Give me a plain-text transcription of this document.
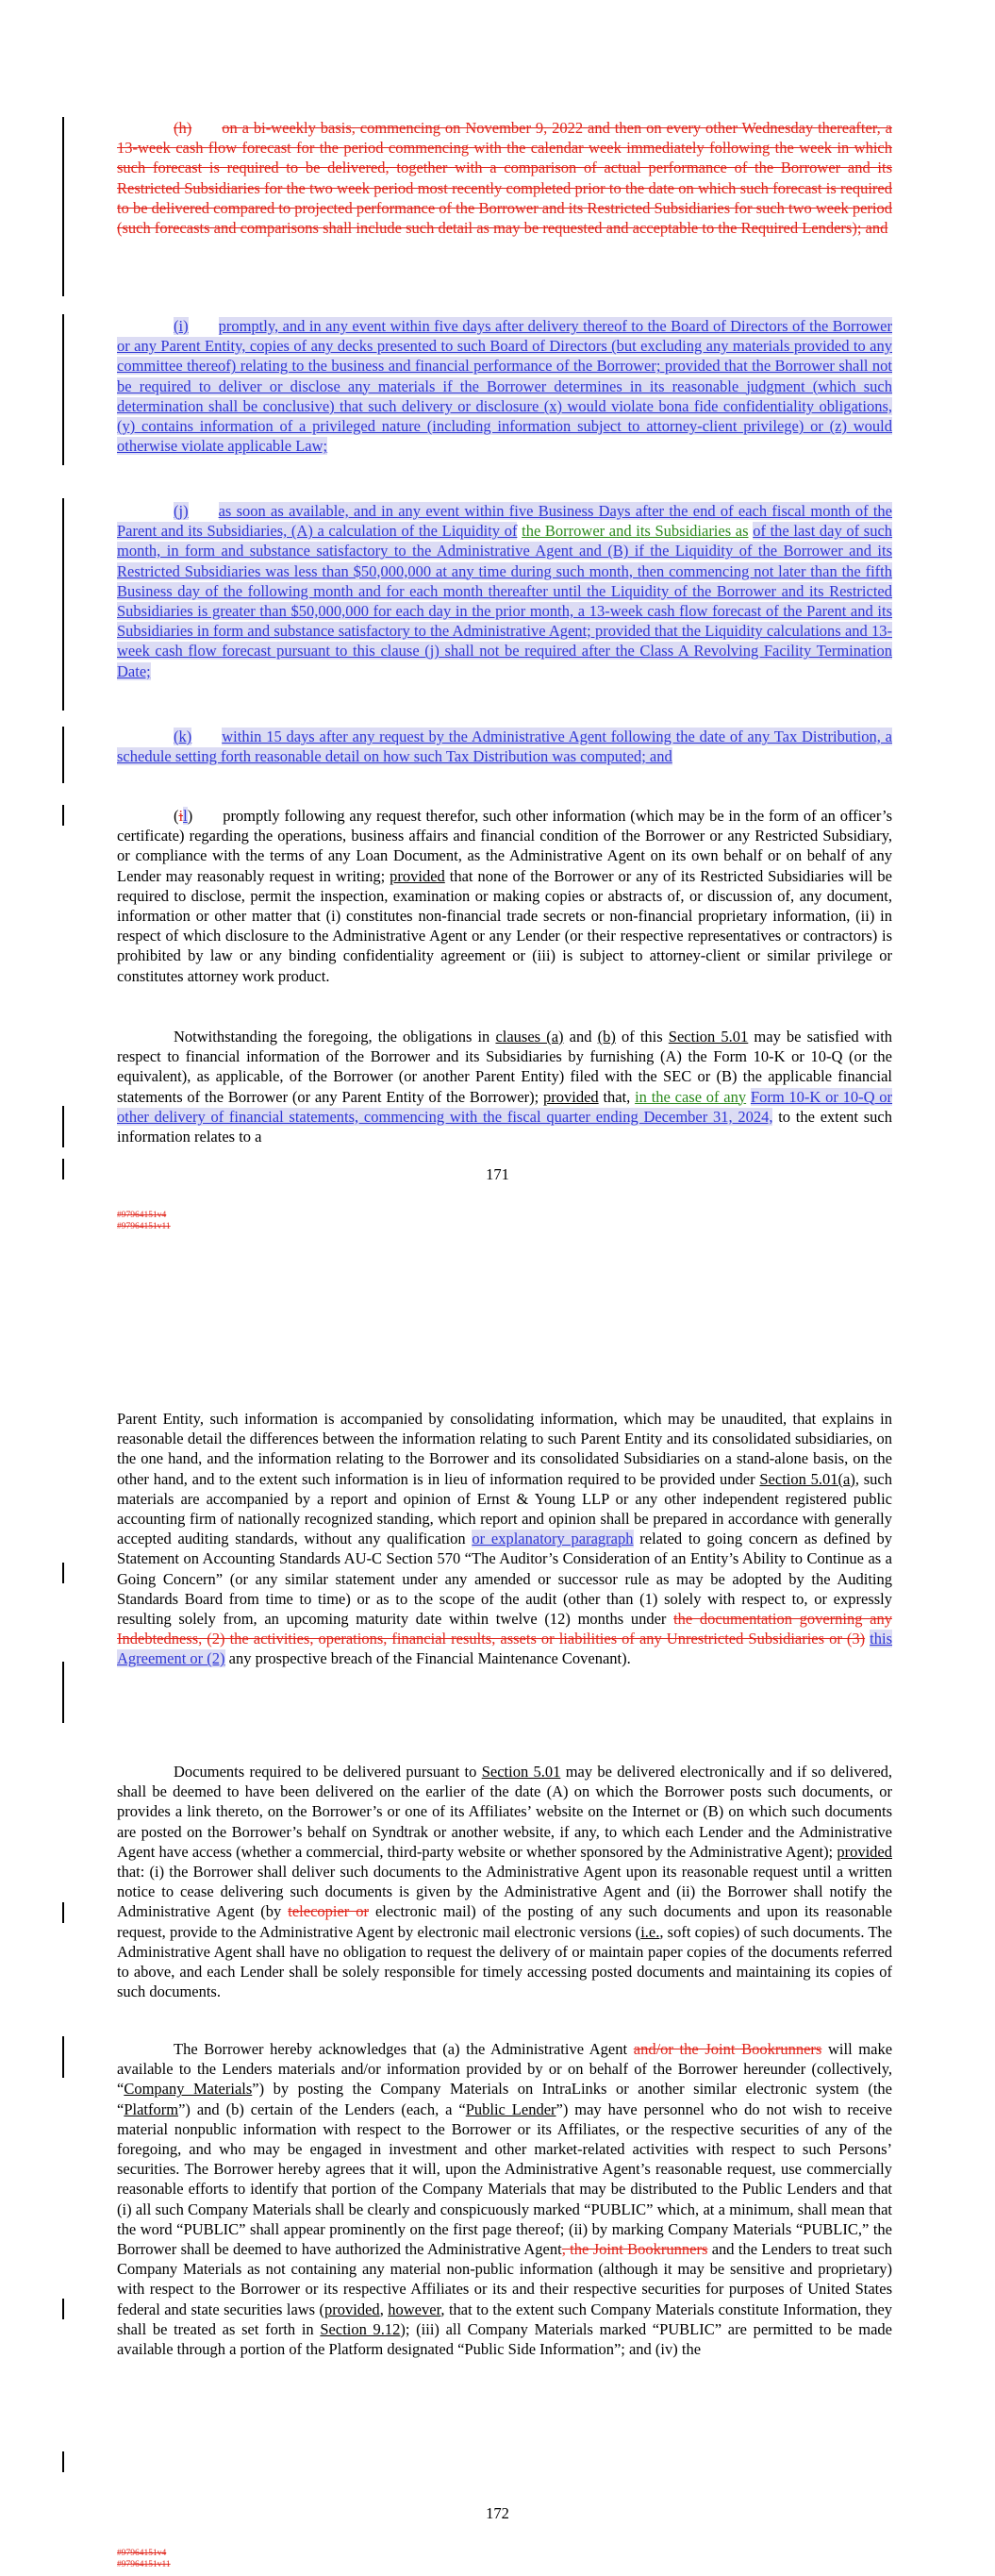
(h) on a bi-weekly basis, commencing on November 9, 2022 and then on every other Wednesday thereafter, a 13-week cash flow forecast for the period commencing with the calendar week immediately following the week in which such forecast is required to be delivered, together with a comparison of actual performance of the Borrower and its Restricted Subsidiaries for the two week period most recently completed prior to the date on which such forecast is required to be delivered compared to projected performance of the Borrower and its Restricted Subsidiaries for such two week period (such forecasts and comparisons shall include such detail as may be requested and acceptable to the Required Lenders); and

(i) promptly, and in any event within five days after delivery thereof to the Board of Directors of the Borrower or any Parent Entity, copies of any decks presented to such Board of Directors (but excluding any materials provided to any committee thereof) relating to the business and financial performance of the Borrower; provided that the Borrower shall not be required to deliver or disclose any materials if the Borrower determines in its reasonable judgment (which such determination shall be conclusive) that such delivery or disclosure (x) would violate bona fide confidentiality obligations, (y) contains information of a privileged nature (including information subject to attorney-client privilege) or (z) would otherwise violate applicable Law;

(j) as soon as available, and in any event within five Business Days after the end of each fiscal month of the Parent and its Subsidiaries, (A) a calculation of the Liquidity of the Borrower and its Subsidiaries as of the last day of such month, in form and substance satisfactory to the Administrative Agent and (B) if the Liquidity of the Borrower and its Restricted Subsidiaries was less than $50,000,000 at any time during such month, then commencing not later than the fifth Business day of the following month and for each month thereafter until the Liquidity of the Borrower and its Restricted Subsidiaries is greater than $50,000,000 for each day in the prior month, a 13-week cash flow forecast of the Parent and its Subsidiaries in form and substance satisfactory to the Administrative Agent; provided that the Liquidity calculations and 13-week cash flow forecast pursuant to this clause (j) shall not be required after the Class A Revolving Facility Termination Date;

(k) within 15 days after any request by the Administrative Agent following the date of any Tax Distribution, a schedule setting forth reasonable detail on how such Tax Distribution was computed; and

(il) promptly following any request therefor, such other information (which may be in the form of an officer’s certificate) regarding the operations, business affairs and financial condition of the Borrower or any Restricted Subsidiary, or compliance with the terms of any Loan Document, as the Administrative Agent on its own behalf or on behalf of any Lender may reasonably request in writing; provided that none of the Borrower or any of its Restricted Subsidiaries will be required to disclose, permit the inspection, examination or making copies or abstracts of, or discussion of, any document, information or other matter that (i) constitutes non-financial trade secrets or non-financial proprietary information, (ii) in respect of which disclosure to the Administrative Agent or any Lender (or their respective representatives or contractors) is prohibited by law or any binding confidentiality agreement or (iii) is subject to attorney-client or similar privilege or constitutes attorney work product.

Notwithstanding the foregoing, the obligations in clauses (a) and (b) of this Section 5.01 may be satisfied with respect to financial information of the Borrower and its Subsidiaries by furnishing (A) the Form 10-K or 10-Q (or the equivalent), as applicable, of the Borrower (or another Parent Entity) filed with the SEC or (B) the applicable financial statements of the Borrower (or any Parent Entity of the Borrower); provided that, in the case of any Form 10-K or 10-Q or other delivery of financial statements, commencing with the fiscal quarter ending December 31, 2024, to the extent such information relates to a

171
#97964151v4
#97964151v11

Parent Entity, such information is accompanied by consolidating information, which may be unaudited, that explains in reasonable detail the differences between the information relating to such Parent Entity and its consolidated subsidiaries, on the one hand, and the information relating to the Borrower and its consolidated Subsidiaries on a stand-alone basis, on the other hand, and to the extent such information is in lieu of information required to be provided under Section 5.01(a), such materials are accompanied by a report and opinion of Ernst & Young LLP or any other independent registered public accounting firm of nationally recognized standing, which report and opinion shall be prepared in accordance with generally accepted auditing standards, without any qualification or explanatory paragraph related to going concern as defined by Statement on Accounting Standards AU-C Section 570 “The Auditor’s Consideration of an Entity’s Ability to Continue as a Going Concern” (or any similar statement under any amended or successor rule as may be adopted by the Auditing Standards Board from time to time) or as to the scope of the audit (other than (1) solely with respect to, or expressly resulting solely from, an upcoming maturity date within twelve (12) months under the documentation governing any Indebtedness, (2) the activities, operations, financial results, assets or liabilities of any Unrestricted Subsidiaries or (3) this Agreement or (2) any prospective breach of the Financial Maintenance Covenant).

Documents required to be delivered pursuant to Section 5.01 may be delivered electronically and if so delivered, shall be deemed to have been delivered on the earlier of the date (A) on which the Borrower posts such documents, or provides a link thereto, on the Borrower’s or one of its Affiliates’ website on the Internet or (B) on which such documents are posted on the Borrower’s behalf on Syndtrak or another website, if any, to which each Lender and the Administrative Agent have access (whether a commercial, third-party website or whether sponsored by the Administrative Agent); provided that: (i) the Borrower shall deliver such documents to the Administrative Agent upon its reasonable request until a written notice to cease delivering such documents is given by the Administrative Agent and (ii) the Borrower shall notify the Administrative Agent (by telecopier or electronic mail) of the posting of any such documents and upon its reasonable request, provide to the Administrative Agent by electronic mail electronic versions (i.e., soft copies) of such documents. The Administrative Agent shall have no obligation to request the delivery of or maintain paper copies of the documents referred to above, and each Lender shall be solely responsible for timely accessing posted documents and maintaining its copies of such documents.

The Borrower hereby acknowledges that (a) the Administrative Agent and/or the Joint Bookrunners will make available to the Lenders materials and/or information provided by or on behalf of the Borrower hereunder (collectively, “Company Materials”) by posting the Company Materials on IntraLinks or another similar electronic system (the “Platform”) and (b) certain of the Lenders (each, a “Public Lender”) may have personnel who do not wish to receive material nonpublic information with respect to the Borrower or its Affiliates, or the respective securities of any of the foregoing, and who may be engaged in investment and other market-related activities with respect to such Persons’ securities. The Borrower hereby agrees that it will, upon the Administrative Agent’s reasonable request, use commercially reasonable efforts to identify that portion of the Company Materials that may be distributed to the Public Lenders and that (i) all such Company Materials shall be clearly and conspicuously marked “PUBLIC” which, at a minimum, shall mean that the word “PUBLIC” shall appear prominently on the first page thereof; (ii) by marking Company Materials “PUBLIC,” the Borrower shall be deemed to have authorized the Administrative Agent, the Joint Bookrunners and the Lenders to treat such Company Materials as not containing any material non-public information (although it may be sensitive and proprietary) with respect to the Borrower or its respective Affiliates or its and their respective securities for purposes of United States federal and state securities laws (provided, however, that to the extent such Company Materials constitute Information, they shall be treated as set forth in Section 9.12); (iii) all Company Materials marked “PUBLIC” are permitted to be made available through a portion of the Platform designated “Public Side Information”; and (iv) the

172
#97964151v4
#97964151v11
